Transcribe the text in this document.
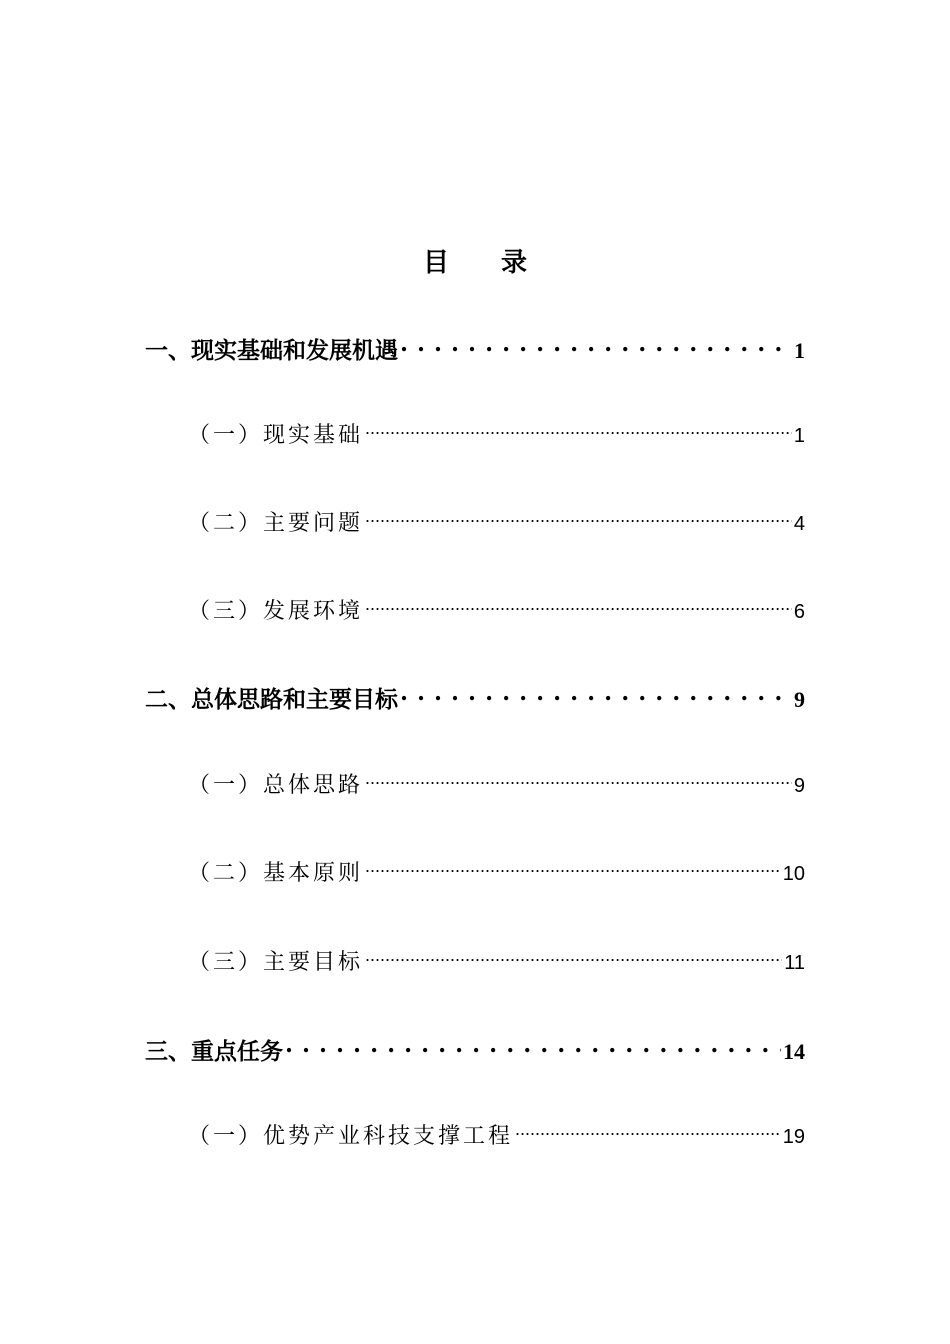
目 录
一、现实基础和发展机遇 . . .	1
（一）现实基础 .....	1
（二）主要问题 .....	4
（三）发展环境 .....	6
二、总体思路和主要目标 . . .	9
（一）总体思路 .....	9
（二）基本原则 .....	10
（三）主要目标 .....	11
三、重点任务 . . .	14
（一）优势产业科技支撑工程 .....	19
